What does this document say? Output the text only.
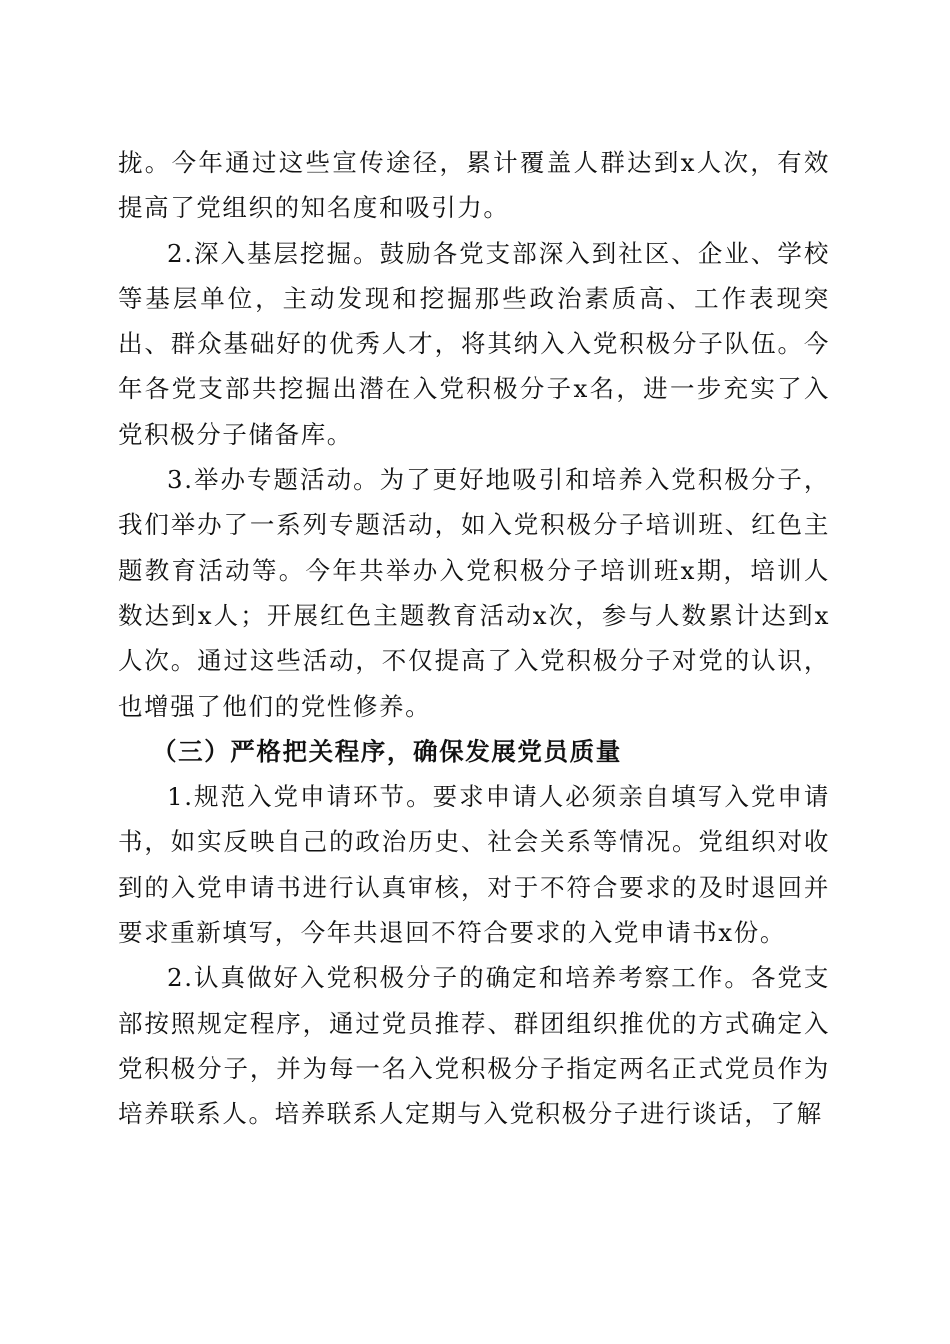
拢。今年通过这些宣传途径，累计覆盖人群达到x人次，有效提高了党组织的知名度和吸引力。

2.深入基层挖掘。鼓励各党支部深入到社区、企业、学校等基层单位，主动发现和挖掘那些政治素质高、工作表现突出、群众基础好的优秀人才，将其纳入入党积极分子队伍。今年各党支部共挖掘出潜在入党积极分子x名，进一步充实了入党积极分子储备库。

3.举办专题活动。为了更好地吸引和培养入党积极分子，我们举办了一系列专题活动，如入党积极分子培训班、红色主题教育活动等。今年共举办入党积极分子培训班x期，培训人数达到x人；开展红色主题教育活动x次，参与人数累计达到x人次。通过这些活动，不仅提高了入党积极分子对党的认识，也增强了他们的党性修养。

（三）严格把关程序，确保发展党员质量

1.规范入党申请环节。要求申请人必须亲自填写入党申请书，如实反映自己的政治历史、社会关系等情况。党组织对收到的入党申请书进行认真审核，对于不符合要求的及时退回并要求重新填写，今年共退回不符合要求的入党申请书x份。

2.认真做好入党积极分子的确定和培养考察工作。各党支部按照规定程序，通过党员推荐、群团组织推优的方式确定入党积极分子，并为每一名入党积极分子指定两名正式党员作为培养联系人。培养联系人定期与入党积极分子进行谈话，了解
